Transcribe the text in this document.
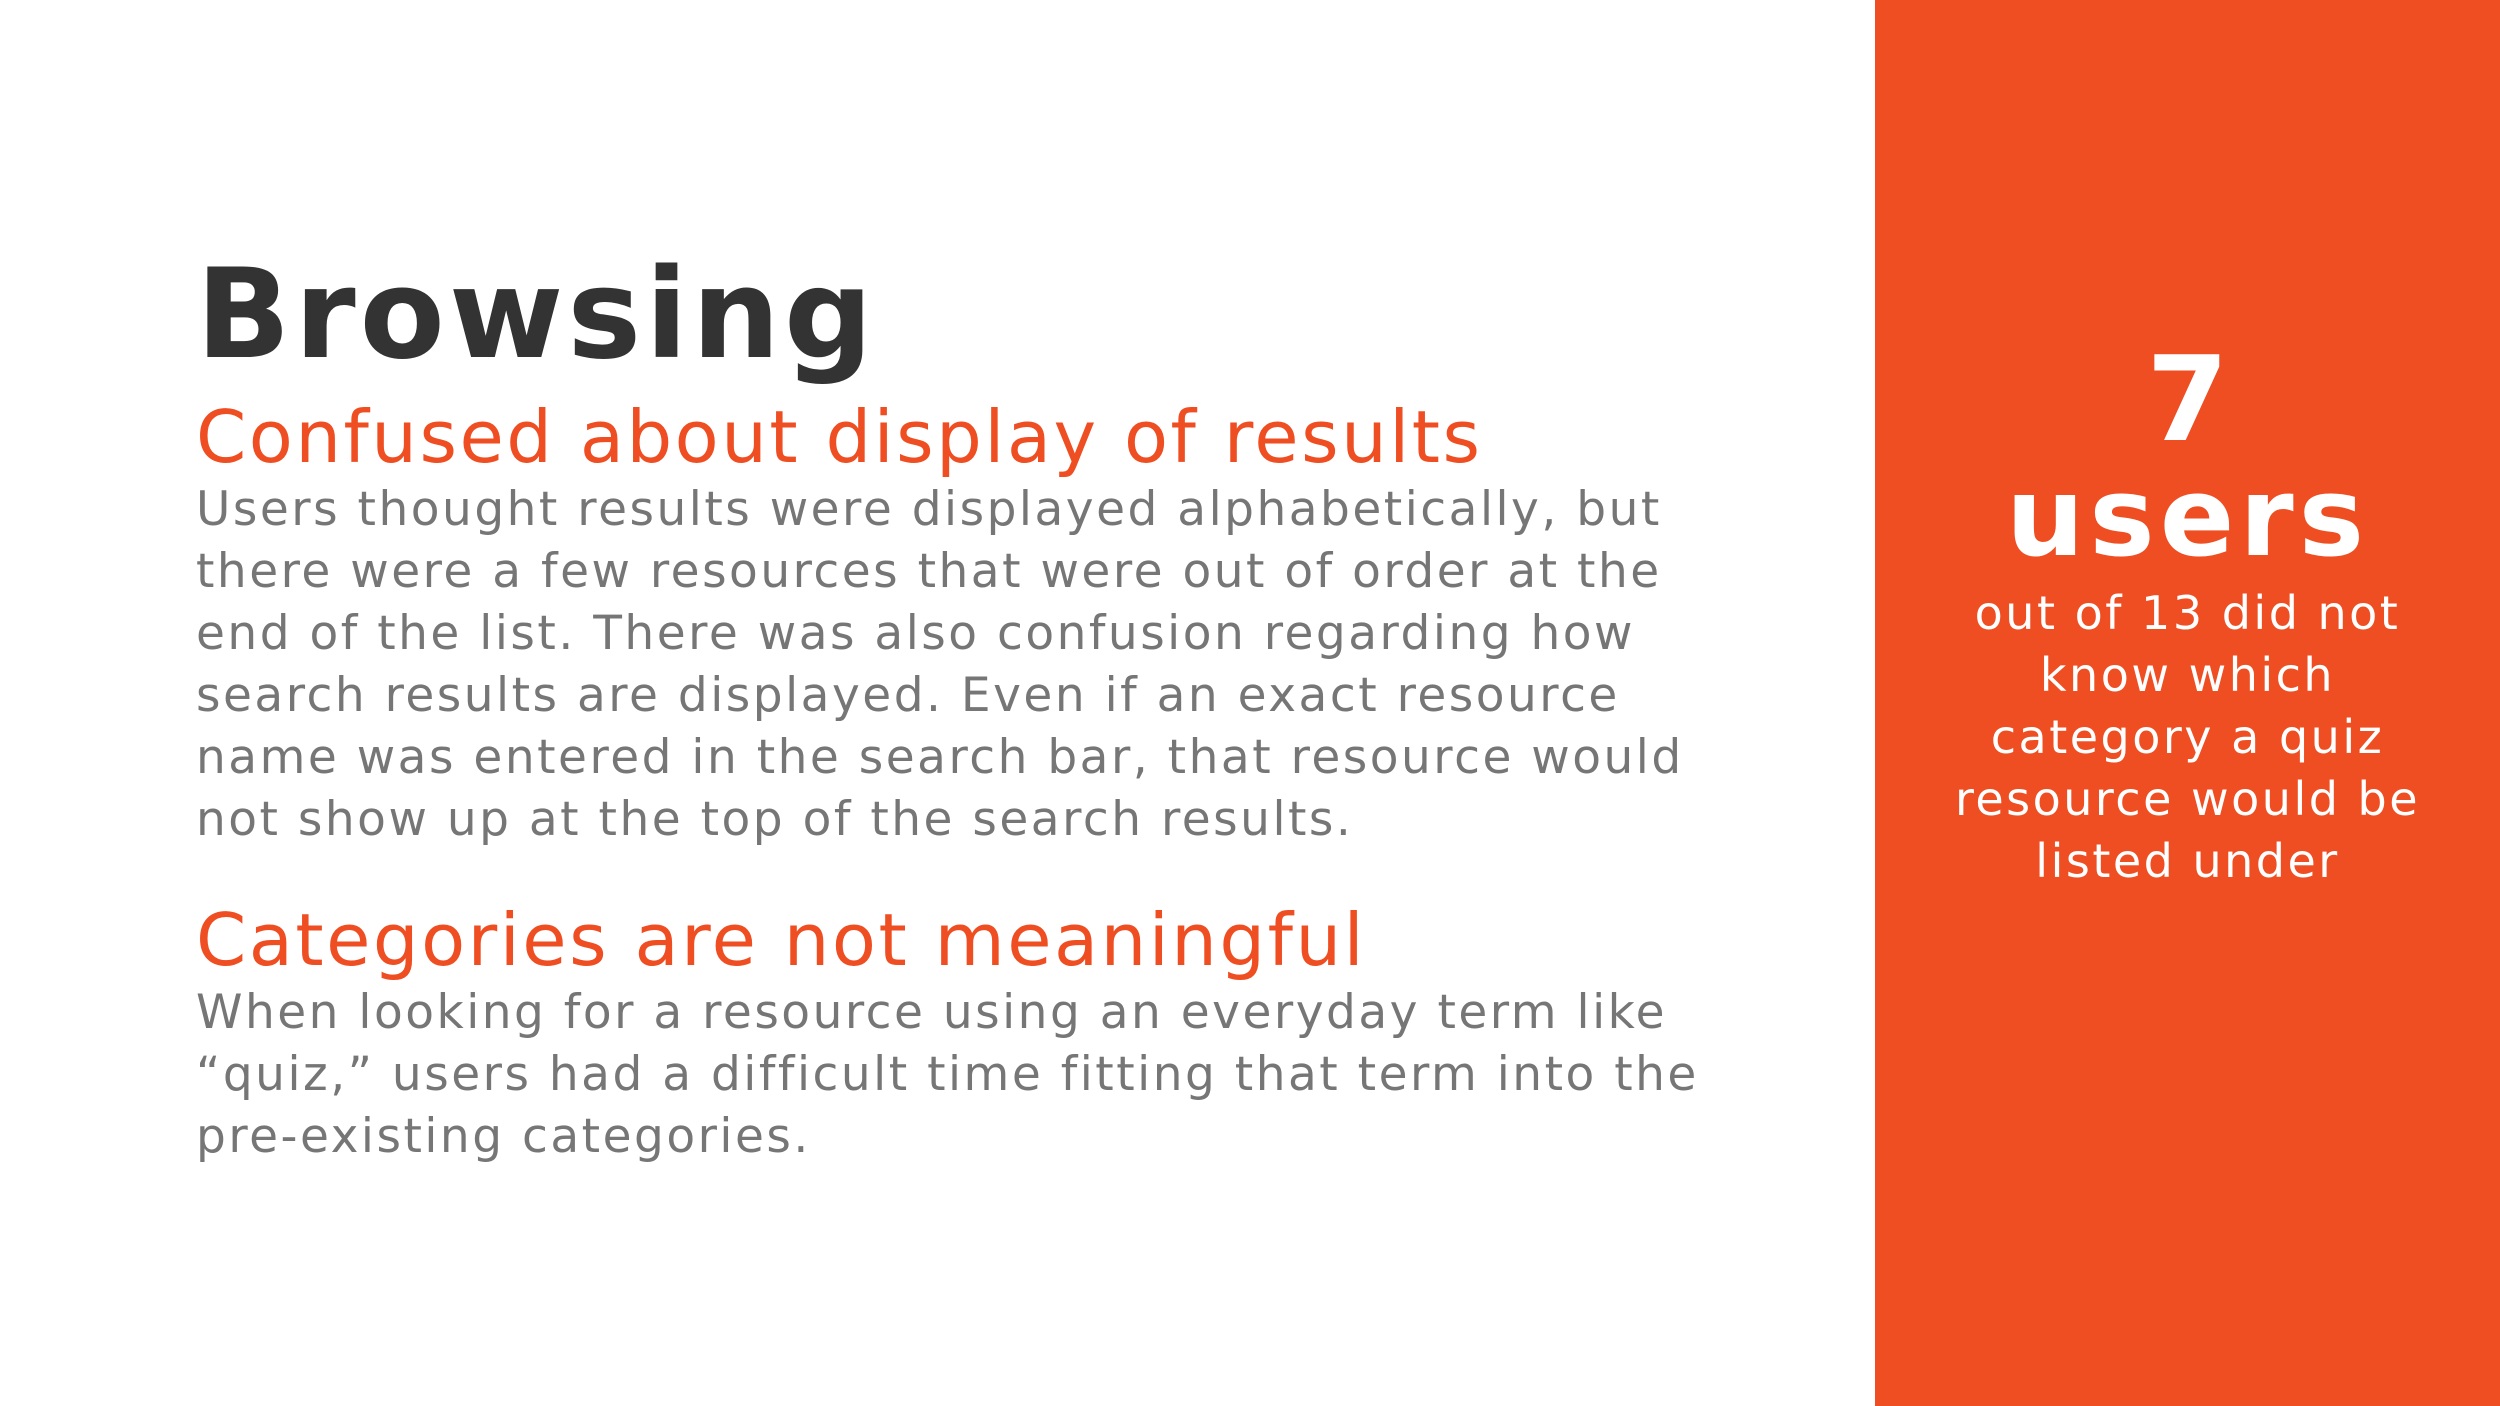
Browsing
Confused about display of results

Users thought results were displayed alphabetically, but there were a few resources that were out of order at the end of the list. There was also confusion regarding how search results are displayed. Even if an exact resource name was entered in the search bar, that resource would not show up at the top of the search results.

Categories are not meaningful

When looking for a resource using an everyday term like “quiz,” users had a difficult time fitting that term into the pre-existing categories.

7
users
out of 13 did not know which category a quiz resource would be listed under
